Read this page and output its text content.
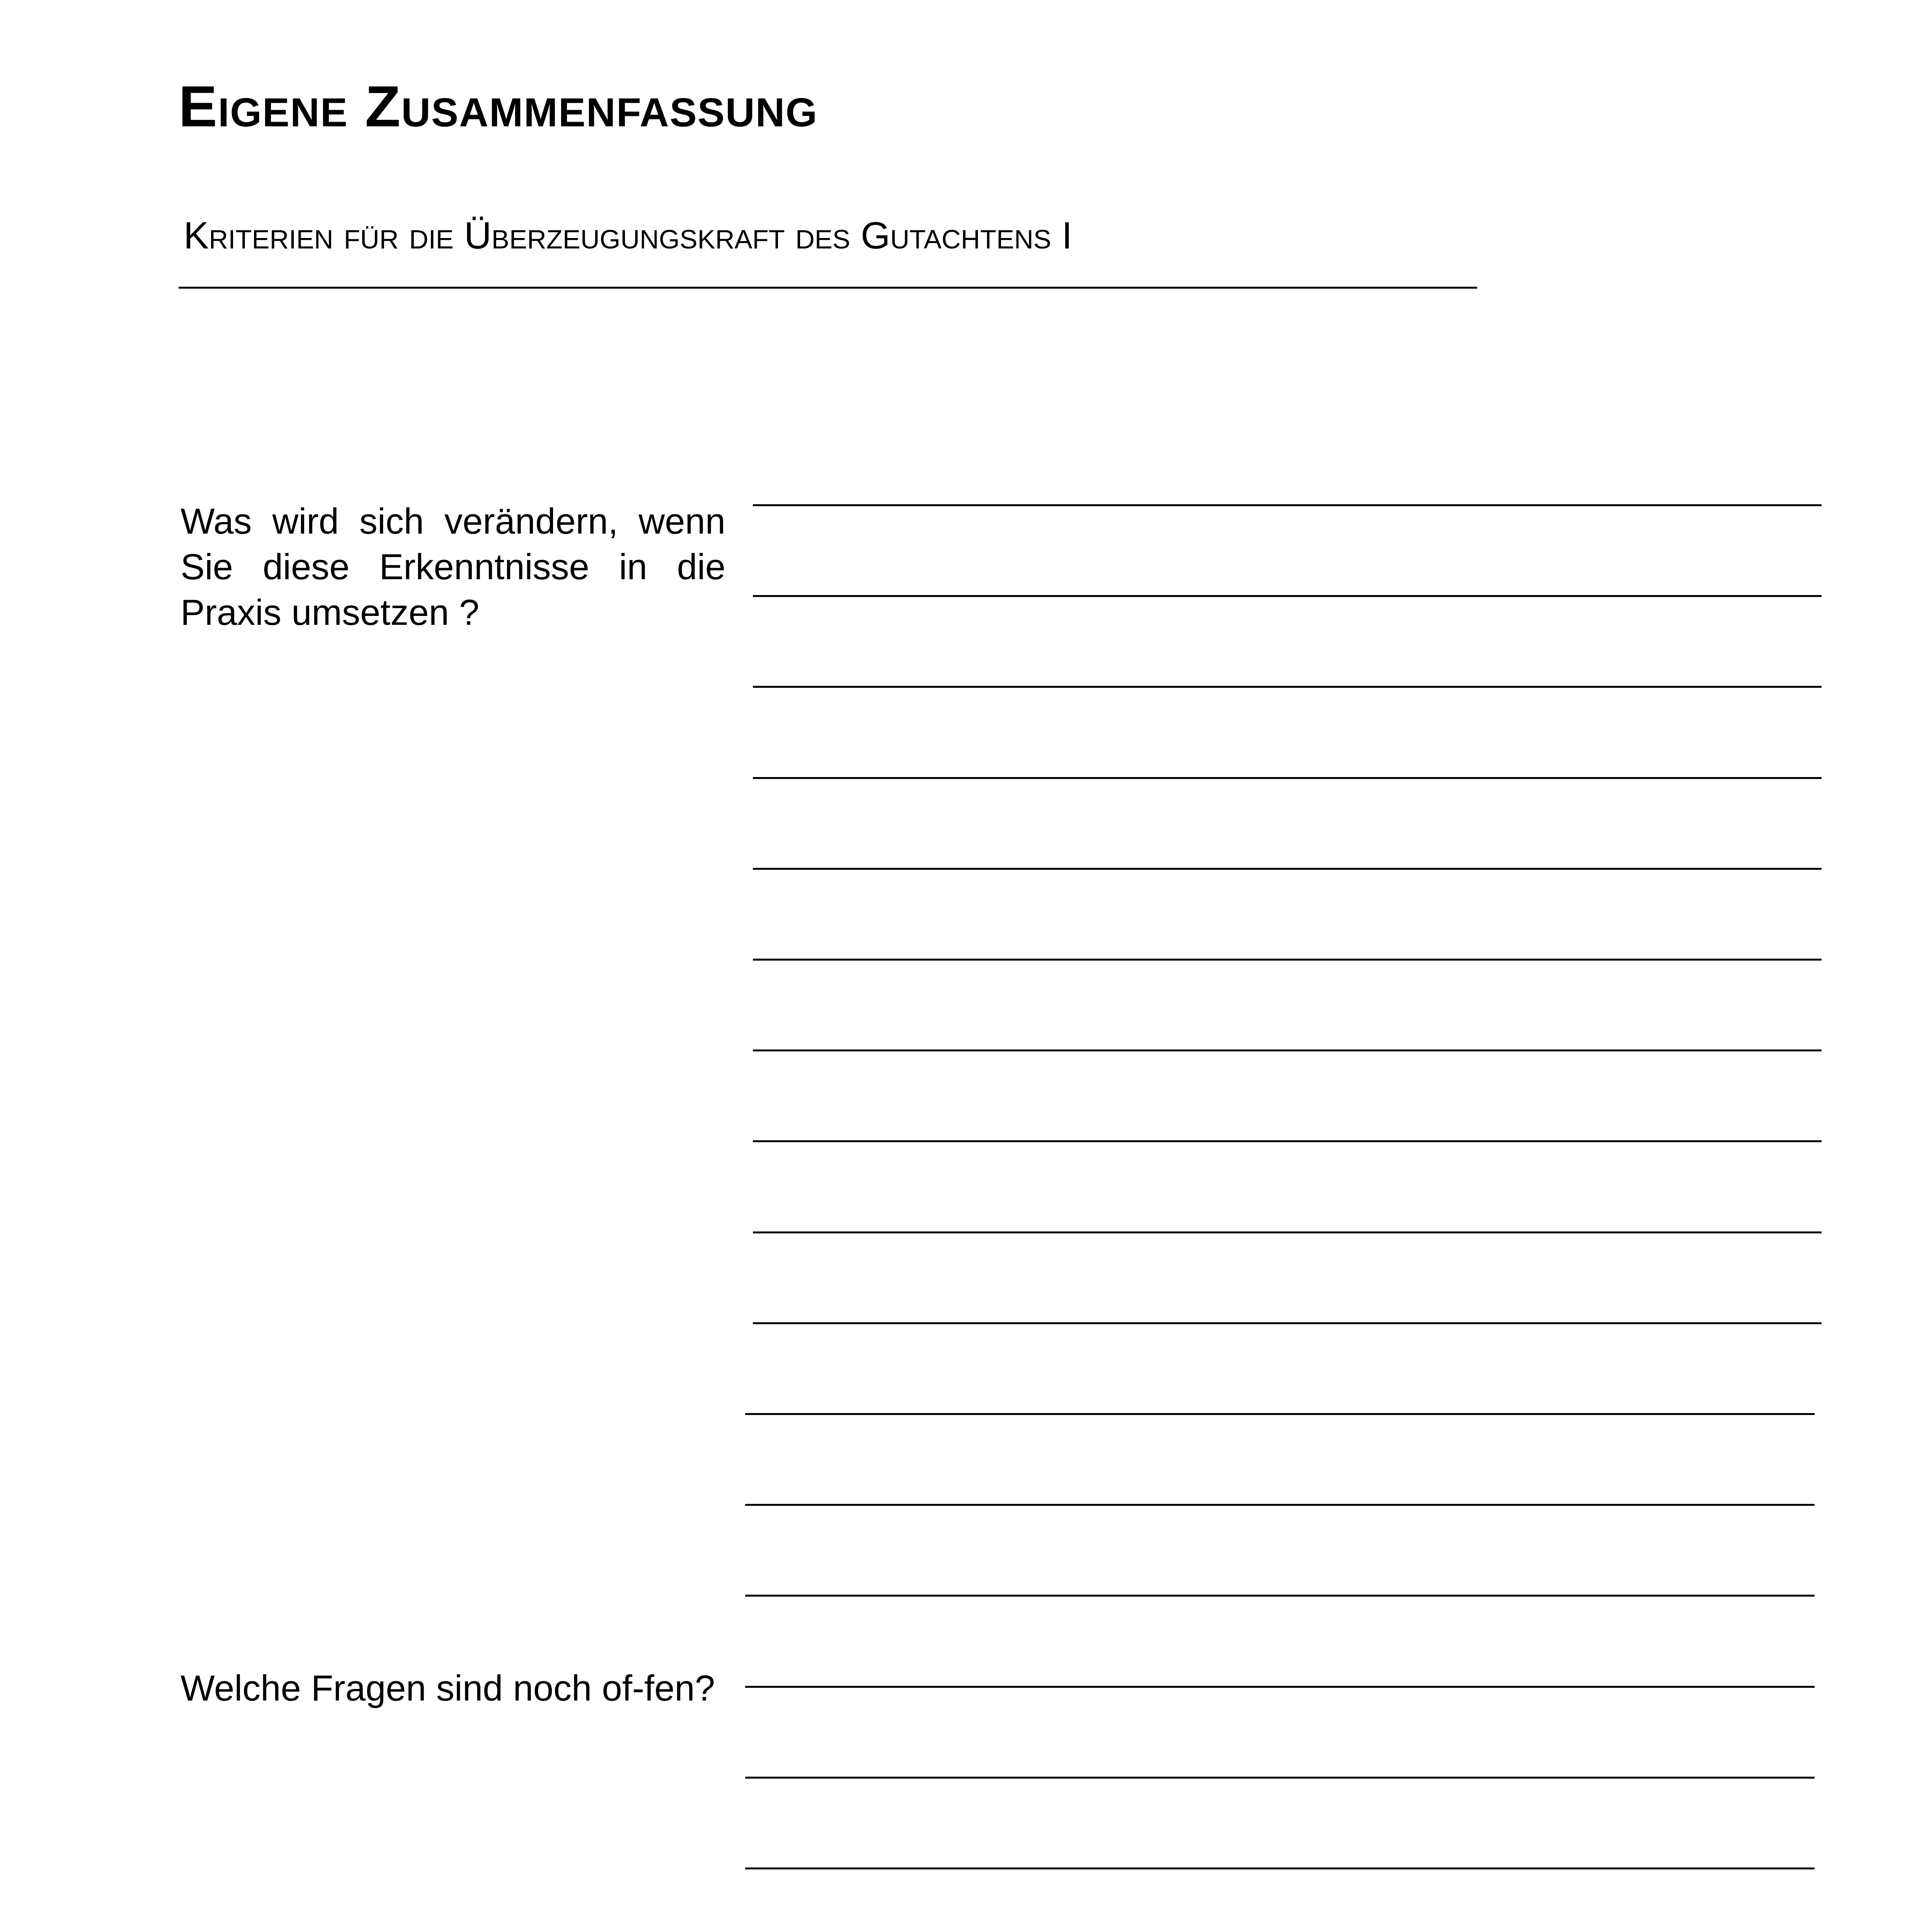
Eigene Zusammenfassung
Kriterien für die Überzeugungskraft des Gutachtens I

Was wird sich verändern, wenn Sie diese Erkenntnisse in die Praxis umsetzen ?

Welche Fragen sind noch of-fen?
